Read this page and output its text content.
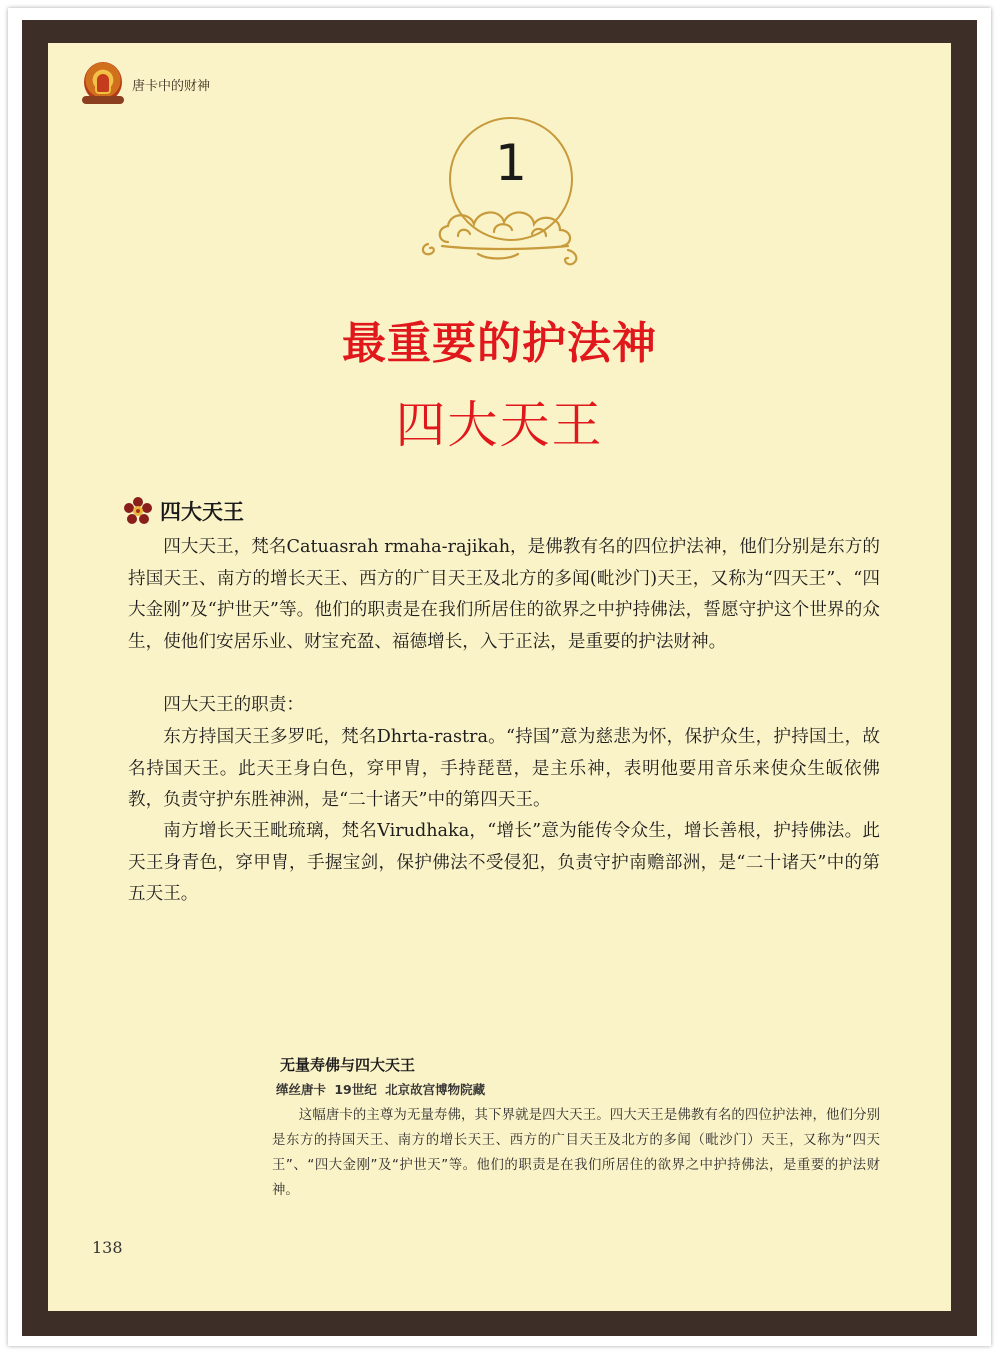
唐卡中的财神
1
最重要的护法神
四大天王
四大天王

四大天王，梵名Catuasrah rmaha-rajikah，是佛教有名的四位护法神，他们分别是东方的持国天王、南方的增长天王、西方的广目天王及北方的多闻(毗沙门)天王，又称为“四天王”、“四大金刚”及“护世天”等。他们的职责是在我们所居住的欲界之中护持佛法，誓愿守护这个世界的众生，使他们安居乐业、财宝充盈、福德增长，入于正法，是重要的护法财神。

四大天王的职责：

东方持国天王多罗吒，梵名Dhrta-rastra。“持国”意为慈悲为怀，保护众生，护持国土，故名持国天王。此天王身白色，穿甲胄，手持琵琶，是主乐神，表明他要用音乐来使众生皈依佛教，负责守护东胜神洲，是“二十诸天”中的第四天王。

南方增长天王毗琉璃，梵名Virudhaka，“增长”意为能传令众生，增长善根，护持佛法。此天王身青色，穿甲胄，手握宝剑，保护佛法不受侵犯，负责守护南赡部洲，是“二十诸天”中的第五天王。

无量寿佛与四大天王
缂丝唐卡 19世纪 北京故宫博物院藏

这幅唐卡的主尊为无量寿佛，其下界就是四大天王。四大天王是佛教有名的四位护法神，他们分别是东方的持国天王、南方的增长天王、西方的广目天王及北方的多闻（毗沙门）天王，又称为“四天王”、“四大金刚”及“护世天”等。他们的职责是在我们所居住的欲界之中护持佛法，是重要的护法财神。

138
